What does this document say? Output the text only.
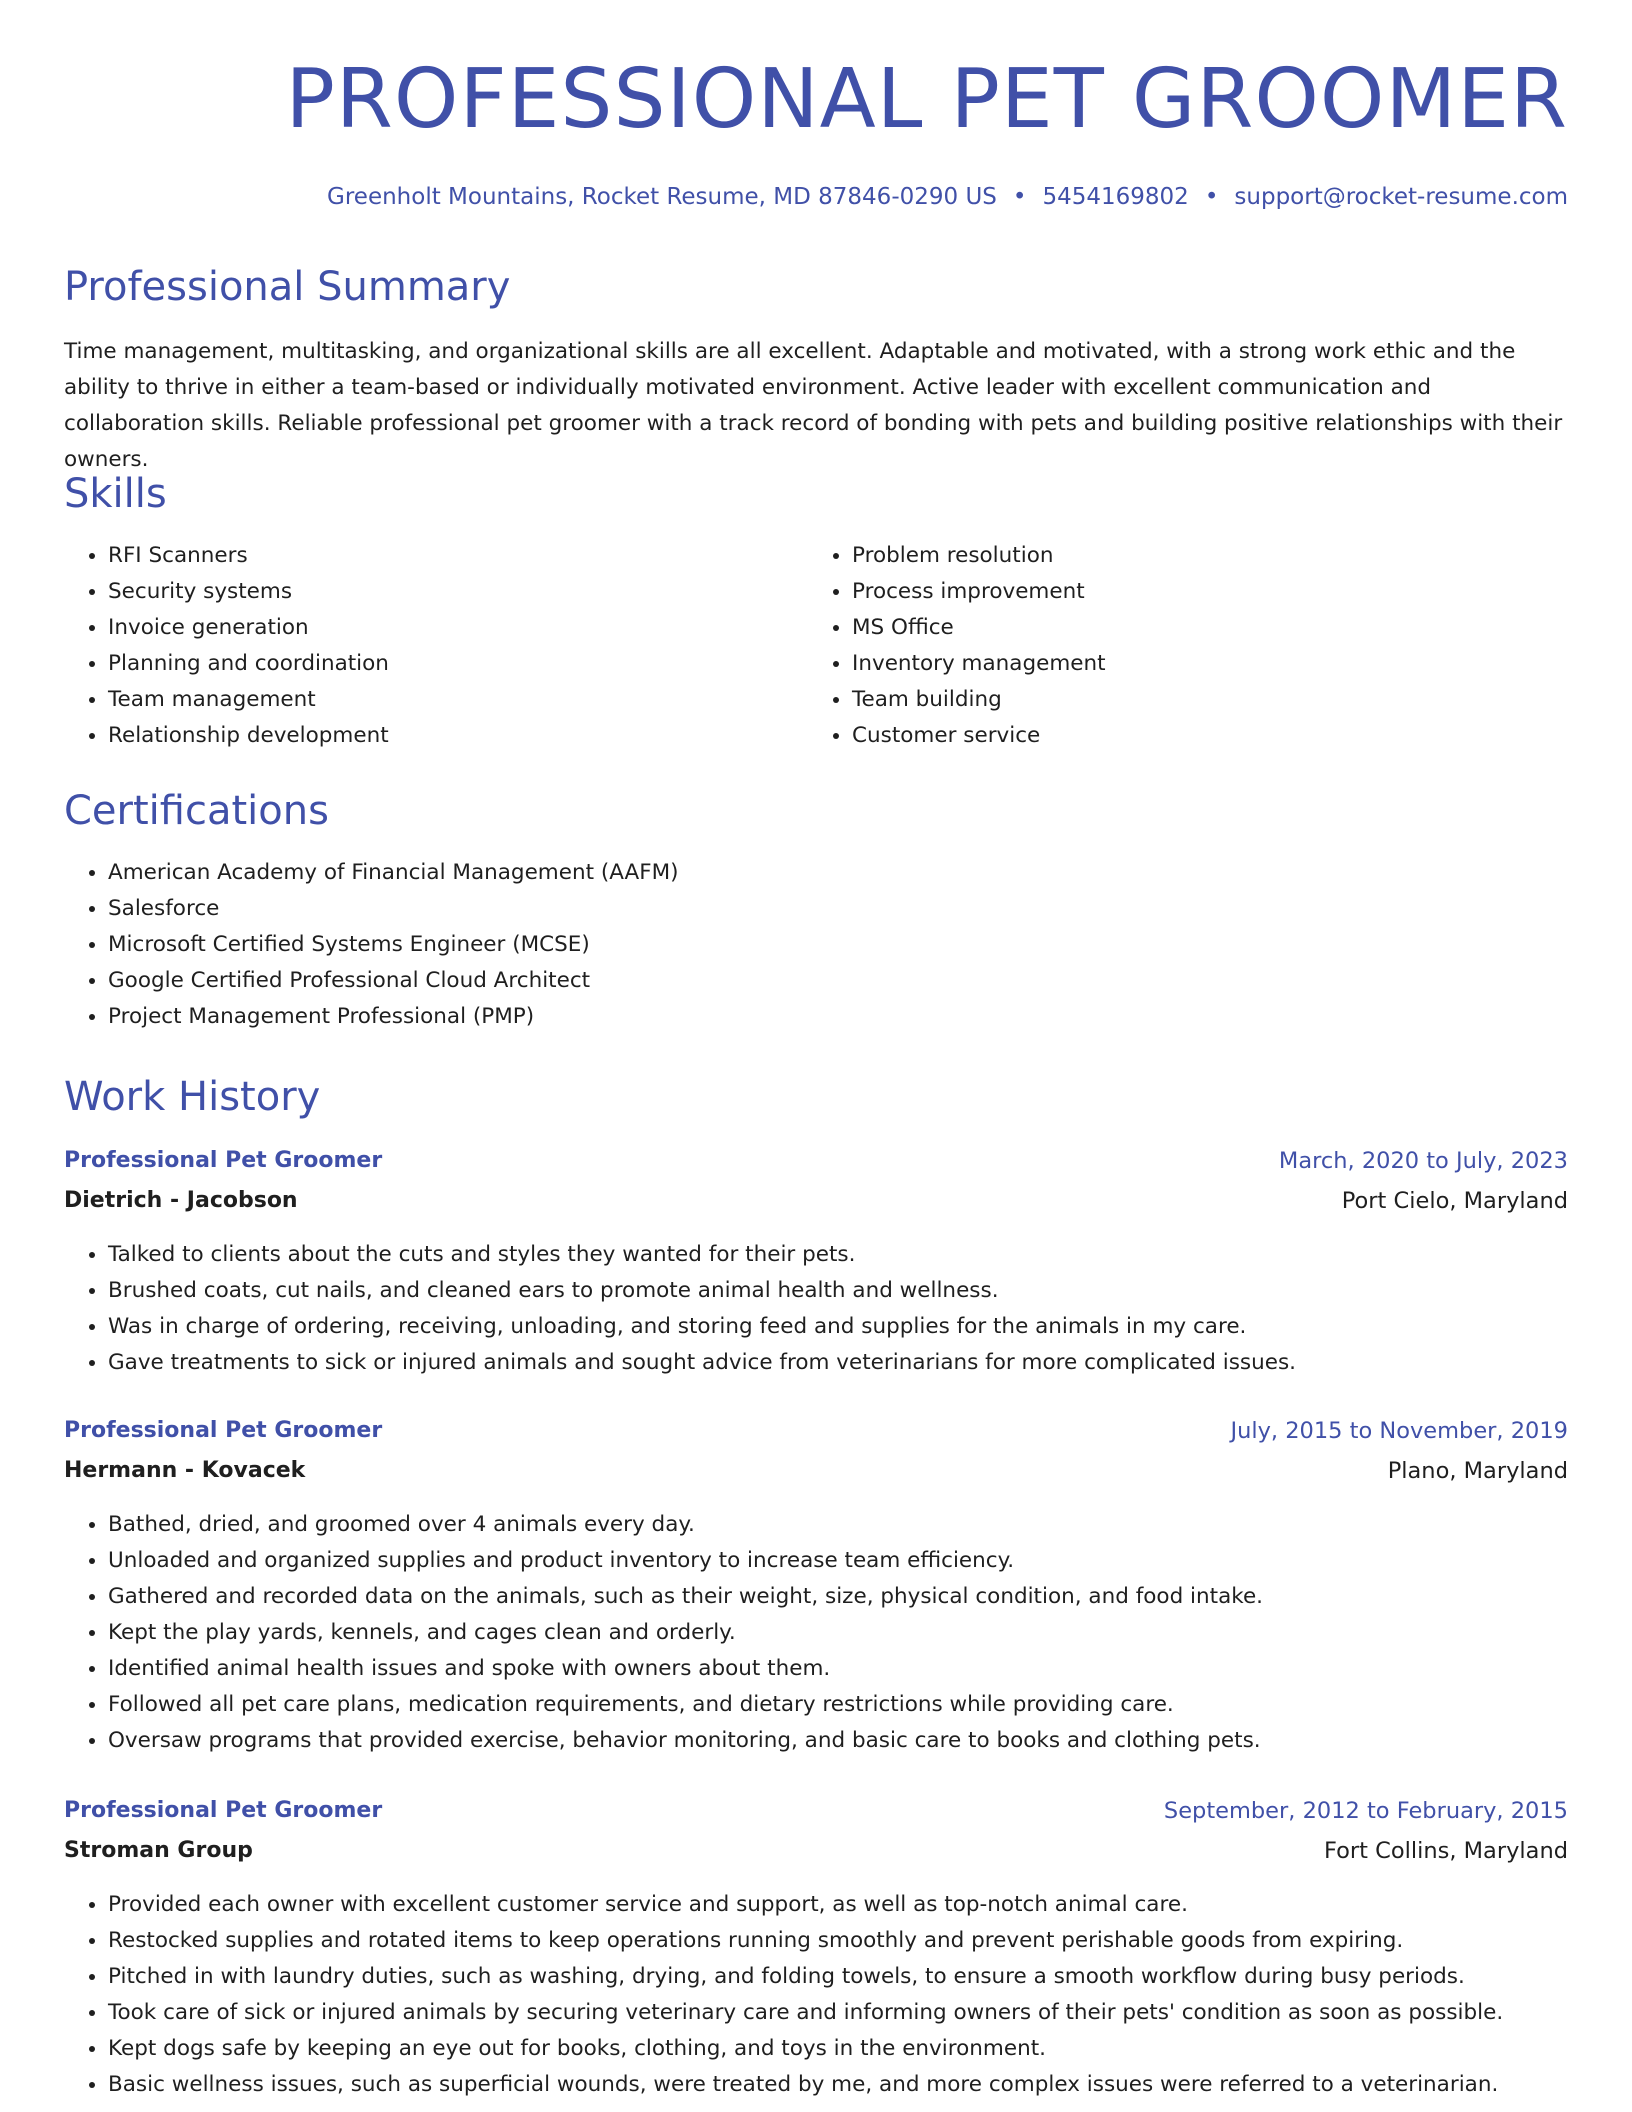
PROFESSIONAL PET GROOMER
Greenholt Mountains, Rocket Resume, MD 87846-0290 US • 5454169802 • support@rocket-resume.com
Professional Summary

Time management, multitasking, and organizational skills are all excellent. Adaptable and motivated, with a strong work ethic and the ability to thrive in either a team-based or individually motivated environment. Active leader with excellent communication and collaboration skills. Reliable professional pet groomer with a track record of bonding with pets and building positive relationships with their owners.

Skills
• RFI Scanners
• Security systems
• Invoice generation
• Planning and coordination
• Team management
• Relationship development
• Problem resolution
• Process improvement
• MS Office
• Inventory management
• Team building
• Customer service
Certifications
• American Academy of Financial Management (AAFM)
• Salesforce
• Microsoft Certified Systems Engineer (MCSE)
• Google Certified Professional Cloud Architect
• Project Management Professional (PMP)
Work History
Professional Pet Groomer	March, 2020 to July, 2023
Dietrich - Jacobson	Port Cielo, Maryland
• Talked to clients about the cuts and styles they wanted for their pets.
• Brushed coats, cut nails, and cleaned ears to promote animal health and wellness.
• Was in charge of ordering, receiving, unloading, and storing feed and supplies for the animals in my care.
• Gave treatments to sick or injured animals and sought advice from veterinarians for more complicated issues.
Professional Pet Groomer	July, 2015 to November, 2019
Hermann - Kovacek	Plano, Maryland
• Bathed, dried, and groomed over 4 animals every day.
• Unloaded and organized supplies and product inventory to increase team efficiency.
• Gathered and recorded data on the animals, such as their weight, size, physical condition, and food intake.
• Kept the play yards, kennels, and cages clean and orderly.
• Identified animal health issues and spoke with owners about them.
• Followed all pet care plans, medication requirements, and dietary restrictions while providing care.
• Oversaw programs that provided exercise, behavior monitoring, and basic care to books and clothing pets.
Professional Pet Groomer	September, 2012 to February, 2015
Stroman Group	Fort Collins, Maryland
• Provided each owner with excellent customer service and support, as well as top-notch animal care.
• Restocked supplies and rotated items to keep operations running smoothly and prevent perishable goods from expiring.
• Pitched in with laundry duties, such as washing, drying, and folding towels, to ensure a smooth workflow during busy periods.
• Took care of sick or injured animals by securing veterinary care and informing owners of their pets' condition as soon as possible.
• Kept dogs safe by keeping an eye out for books, clothing, and toys in the environment.
• Basic wellness issues, such as superficial wounds, were treated by me, and more complex issues were referred to a veterinarian.
